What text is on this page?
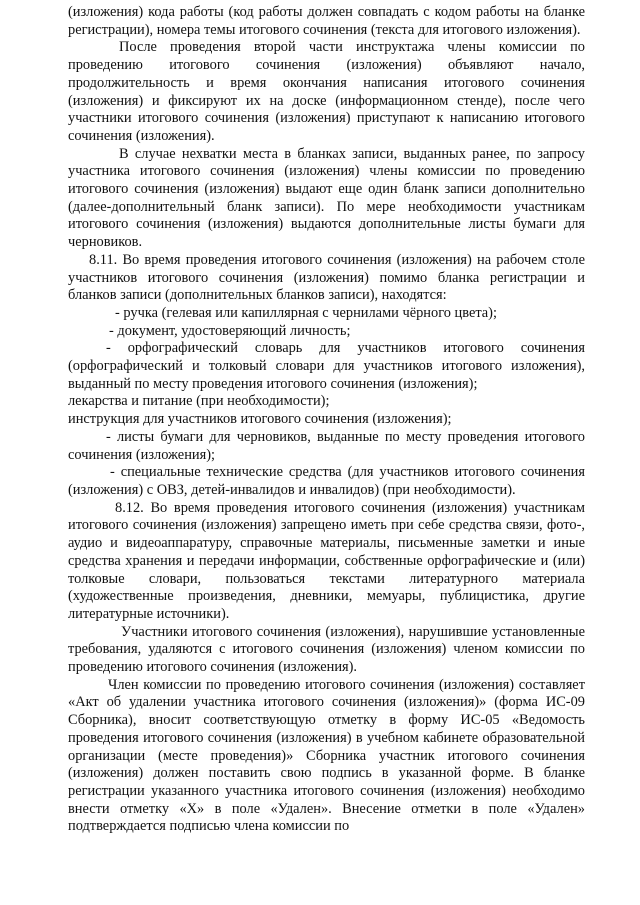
(изложения) кода работы (код работы должен совпадать с кодом работы на бланке регистрации), номера темы итогового сочинения (текста для итогового изложения).

После проведения второй части инструктажа члены комиссии по проведению итогового сочинения (изложения) объявляют начало, продолжительность и время окончания написания итогового сочинения (изложения) и фиксируют их на доске (информационном стенде), после чего участники итогового сочинения (изложения) приступают к написанию итогового сочинения (изложения).

В случае нехватки места в бланках записи, выданных ранее, по запросу участника итогового сочинения (изложения) члены комиссии по проведению итогового сочинения (изложения) выдают еще один бланк записи дополнительно (далее-дополнительный бланк записи). По мере необходимости участникам итогового сочинения (изложения) выдаются дополнительные листы бумаги для черновиков.

8.11. Во время проведения итогового сочинения (изложения) на рабочем столе участников итогового сочинения (изложения) помимо бланка регистрации и бланков записи (дополнительных бланков записи), находятся:

- ручка (гелевая или капиллярная с чернилами чёрного цвета);

- документ, удостоверяющий личность;

- орфографический словарь для участников итогового сочинения (орфографический и толковый словари для участников итогового изложения), выданный по месту проведения итогового сочинения (изложения);

лекарства и питание (при необходимости);

инструкция для участников итогового сочинения (изложения);

- листы бумаги для черновиков, выданные по месту проведения итогового сочинения (изложения);

- специальные технические средства (для участников итогового сочинения (изложения) с ОВЗ, детей-инвалидов и инвалидов) (при необходимости).

8.12. Во время проведения итогового сочинения (изложения) участникам итогового сочинения (изложения) запрещено иметь при себе средства связи, фото-, аудио и видеоаппаратуру, справочные материалы, письменные заметки и иные средства хранения и передачи информации, собственные орфографические и (или) толковые словари, пользоваться текстами литературного материала (художественные произведения, дневники, мемуары, публицистика, другие литературные источники).

Участники итогового сочинения (изложения), нарушившие установленные требования, удаляются с итогового сочинения (изложения) членом комиссии по проведению итогового сочинения (изложения).

Член комиссии по проведению итогового сочинения (изложения) составляет «Акт об удалении участника итогового сочинения (изложения)» (форма ИС-09 Сборника), вносит соответствующую отметку в форму ИС-05 «Ведомость проведения итогового сочинения (изложения) в учебном кабинете образовательной организации (месте проведения)» Сборника участник итогового сочинения (изложения) должен поставить свою подпись в указанной форме. В бланке регистрации указанного участника итогового сочинения (изложения) необходимо внести отметку «Х» в поле «Удален». Внесение отметки в поле «Удален» подтверждается подписью члена комиссии по
